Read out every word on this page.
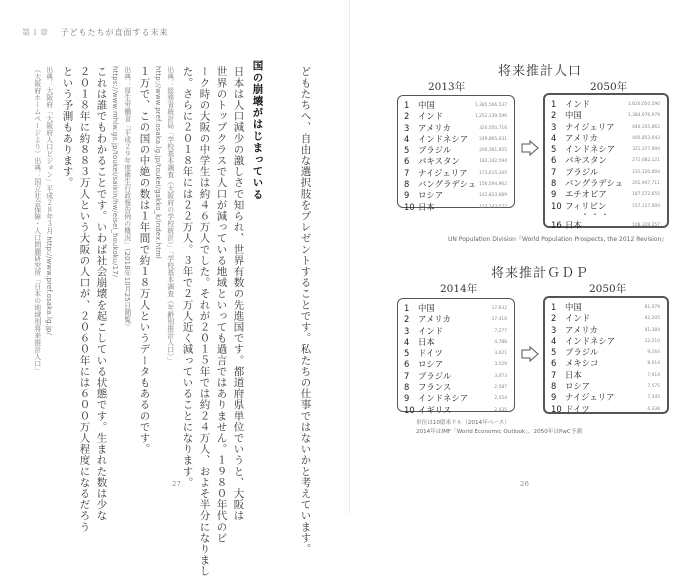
第１章 子どもたちが直面する未来
どもたちへ、自由な選択肢をプレゼントすることです。私たちの仕事ではないかと考えています。
国の崩壊がはじまっている
日本は人口減少の激しさで知られ、世界有数の先進国です。都道府県単位でいうと、大阪は
世界のトップクラスで人口が減っている地域といっても過言ではありません。１９８０年代のピ
ーク時の大阪の中学生は約４６万人でした。それが２０１５年では約２４万人、およそ半分になりまし
た。さらに２０１８年には２２万人。３年で２万人近く減っていることになります。
出典：総務省統計局「学校基本調査（大阪府の学校統計）」「学校基本調査（年齢別推計人口）」
http://www.pref.osaka.lg.jp/toukei/gakko_k/index.html
１万で、この国の中絶の数は１年間で約１８万人というデータもあるのです。
出典：厚生労働省「平成２９年度衛生行政報告例の概況」（2018年10月25日閲覧）
https://www.mhlw.go.jp/toukei/saikin/hw/eisei_houkoku/17/
これは誰でもわかることです。いわば社会崩壊を起こしている状態です。生まれた数は少な
２０１８年に約８８３万人という大阪の人口が、２０６０年には６００万人程度になるだろう
という予測もあります。
出典：大阪府「大阪府人口ビジョン」平成２８年３月 http://www.pref.osaka.lg.jp/
（大阪府ホームページより）出典：国立社会保障・人口問題研究所「日本の地域別将来推計人口」
27
将来推計人口
2013年	2050年
1	中国	1,385,566,537
2	インド	1,252,139,596
3	アメリカ	320,050,716
4	インドネシア 249,865,631
5	ブラジル	200,361,925
6	パキスタン	182,142,594
7	ナイジェリア	173,615,345
8	バングラデシュ 156,594,962
9	ロシア	142,833,689
10 日本	127,143,577
1	インド	1,620,050,590
2	中国	1,384,976,976
3	ナイジェリア	440,355,862
4	アメリカ	400,853,042
5	インドネシア	321,377,000
6	パキスタン	271,082,121
7	ブラジル	231,120,004
8	バングラデシュ 201,947,711
9	エチオピア	187,572,655
10 フィリピン	157,117,000
・・・
16 日本	108,329,357
UN Population Division『World Population Prospects, the 2012 Revision』
将来推計ＧＤＰ
2014年	2050年
1	中国	17,632
2	アメリカ	17,416
3	インド	7,277
4	日本	4,788
5	ドイツ	3,621
6	ロシア	3,559
7	ブラジル	3,073
8	フランス	2,587
9	インドネシア	2,554
10 イギリス	2,435
1	中国	61,079
2	インド	42,205
3	アメリカ	41,384
4	インドネシア	12,210
5	ブラジル	9,164
6	メキシコ	8,014
7	日本	7,914
8	ロシア	7,575
9	ナイジェリア	7,345
10 ドイツ	6,338
単位は10億米ドル（2014年ベース）
2014年はIMF「World Economic Outlook」、2050年はPwC予測
26
